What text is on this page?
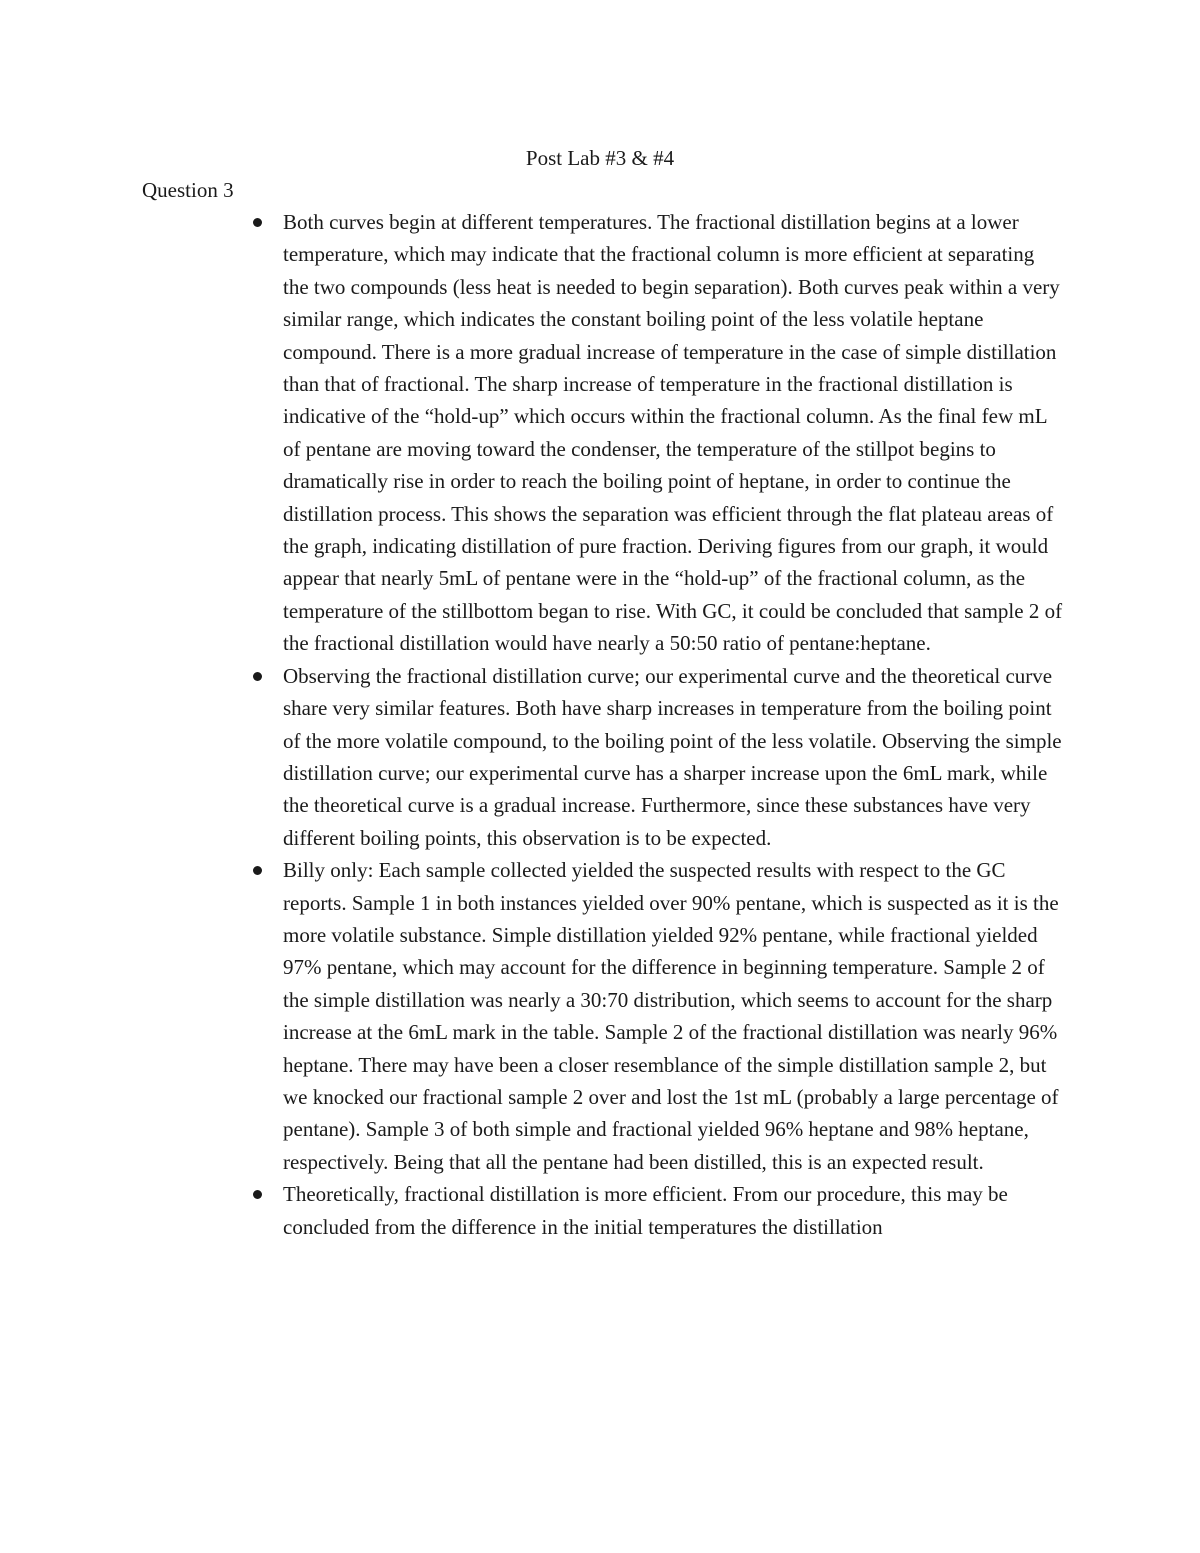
Post Lab #3 & #4
Question 3
Both curves begin at different temperatures. The fractional distillation begins at a lower temperature, which may indicate that the fractional column is more efficient at separating the two compounds (less heat is needed to begin separation). Both curves peak within a very similar range, which indicates the constant boiling point of the less volatile heptane compound. There is a more gradual increase of temperature in the case of simple distillation than that of fractional. The sharp increase of temperature in the fractional distillation is indicative of the “hold-up” which occurs within the fractional column. As the final few mL of pentane are moving toward the condenser, the temperature of the stillpot begins to dramatically rise in order to reach the boiling point of heptane, in order to continue the distillation process. This shows the separation was efficient through the flat plateau areas of the graph, indicating distillation of pure fraction. Deriving figures from our graph, it would appear that nearly 5mL of pentane were in the “hold-up” of the fractional column, as the temperature of the stillbottom began to rise. With GC, it could be concluded that sample 2 of the fractional distillation would have nearly a 50:50 ratio of pentane:heptane.
Observing the fractional distillation curve; our experimental curve and the theoretical curve share very similar features. Both have sharp increases in temperature from the boiling point of the more volatile compound, to the boiling point of the less volatile. Observing the simple distillation curve; our experimental curve has a sharper increase upon the 6mL mark, while the theoretical curve is a gradual increase. Furthermore, since these substances have very different boiling points, this observation is to be expected.
Billy only: Each sample collected yielded the suspected results with respect to the GC reports. Sample 1 in both instances yielded over 90% pentane, which is suspected as it is the more volatile substance. Simple distillation yielded 92% pentane, while fractional yielded 97% pentane, which may account for the difference in beginning temperature. Sample 2 of the simple distillation was nearly a 30:70 distribution, which seems to account for the sharp increase at the 6mL mark in the table. Sample 2 of the fractional distillation was nearly 96% heptane. There may have been a closer resemblance of the simple distillation sample 2, but we knocked our fractional sample 2 over and lost the 1st mL (probably a large percentage of pentane). Sample 3 of both simple and fractional yielded 96% heptane and 98% heptane, respectively. Being that all the pentane had been distilled, this is an expected result.
Theoretically, fractional distillation is more efficient. From our procedure, this may be concluded from the difference in the initial temperatures the distillation
